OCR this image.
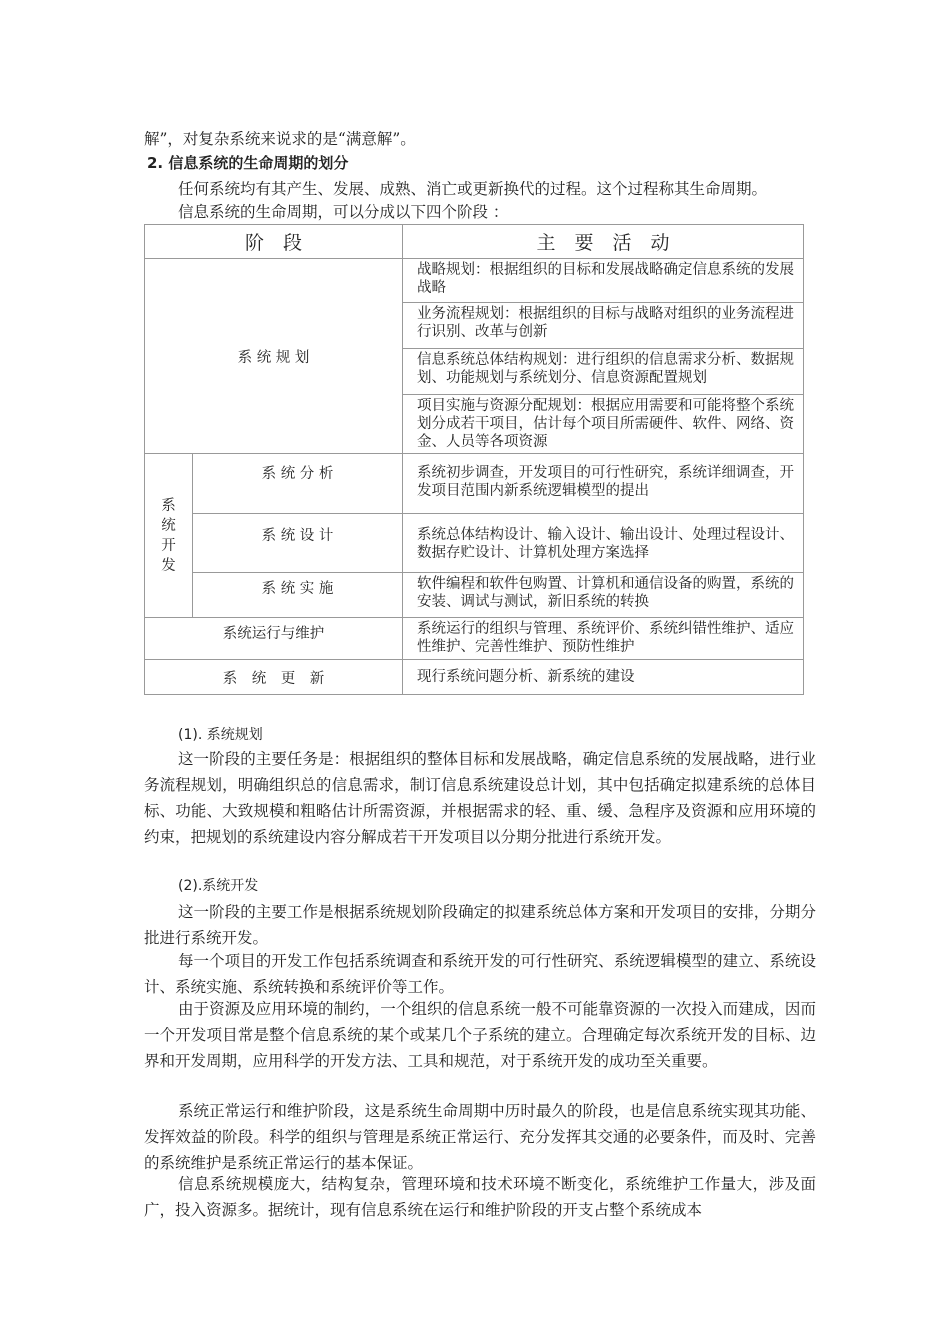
解”，对复杂系统来说求的是“满意解”。
2. 信息系统的生命周期的划分
任何系统均有其产生、发展、成熟、消亡或更新换代的过程。这个过程称其生命周期。
信息系统的生命周期，可以分成以下四个阶段 ：
阶　段		主　要　活　动
系 统 规 划		战略规划：根据组织的目标和发展战略确定信息系统的发展战略
		业务流程规划：根据组织的目标与战略对组织的业务流程进行识别、改革与创新
		信息系统总体结构规划：进行组织的信息需求分析、数据规划、功能规划与系统划分、信息资源配置规划
		项目实施与资源分配规划：根据应用需要和可能将整个系统划分成若干项目，估计每个项目所需硬件、软件、网络、资金、人员等各项资源

系统开发	系 统 分 析	系统初步调查，开发项目的可行性研究，系统详细调查，开发项目范围内新系统逻辑模型的提出
	系 统 设 计	系统总体结构设计、输入设计、输出设计、处理过程设计、数据存贮设计、计算机处理方案选择
	系 统 实 施	软件编程和软件包购置、计算机和通信设备的购置，系统的安装、调试与测试，新旧系统的转换
系统运行与维护		系统运行的组织与管理、系统评价、系统纠错性维护、适应性维护、完善性维护、预防性维护
系　统　更　新		现行系统问题分析、新系统的建设
(1). 系统规划
这一阶段的主要任务是：根据组织的整体目标和发展战略，确定信息系统的发展战略，进行业务流程规划，明确组织总的信息需求，制订信息系统建设总计划，其中包括确定拟建系统的总体目标、功能、大致规模和粗略估计所需资源，并根据需求的轻、重、缓、急程序及资源和应用环境的约束，把规划的系统建设内容分解成若干开发项目以分期分批进行系统开发。
(2).系统开发
这一阶段的主要工作是根据系统规划阶段确定的拟建系统总体方案和开发项目的安排，分期分批进行系统开发。
每一个项目的开发工作包括系统调查和系统开发的可行性研究、系统逻辑模型的建立、系统设计、系统实施、系统转换和系统评价等工作。
由于资源及应用环境的制约，一个组织的信息系统一般不可能靠资源的一次投入而建成，因而一个开发项目常是整个信息系统的某个或某几个子系统的建立。合理确定每次系统开发的目标、边界和开发周期，应用科学的开发方法、工具和规范，对于系统开发的成功至关重要。
系统正常运行和维护阶段，这是系统生命周期中历时最久的阶段，也是信息系统实现其功能、发挥效益的阶段。科学的组织与管理是系统正常运行、充分发挥其交通的必要条件，而及时、完善的系统维护是系统正常运行的基本保证。
信息系统规模庞大，结构复杂，管理环境和技术环境不断变化，系统维护工作量大，涉及面广，投入资源多。据统计，现有信息系统在运行和维护阶段的开支占整个系统成本
